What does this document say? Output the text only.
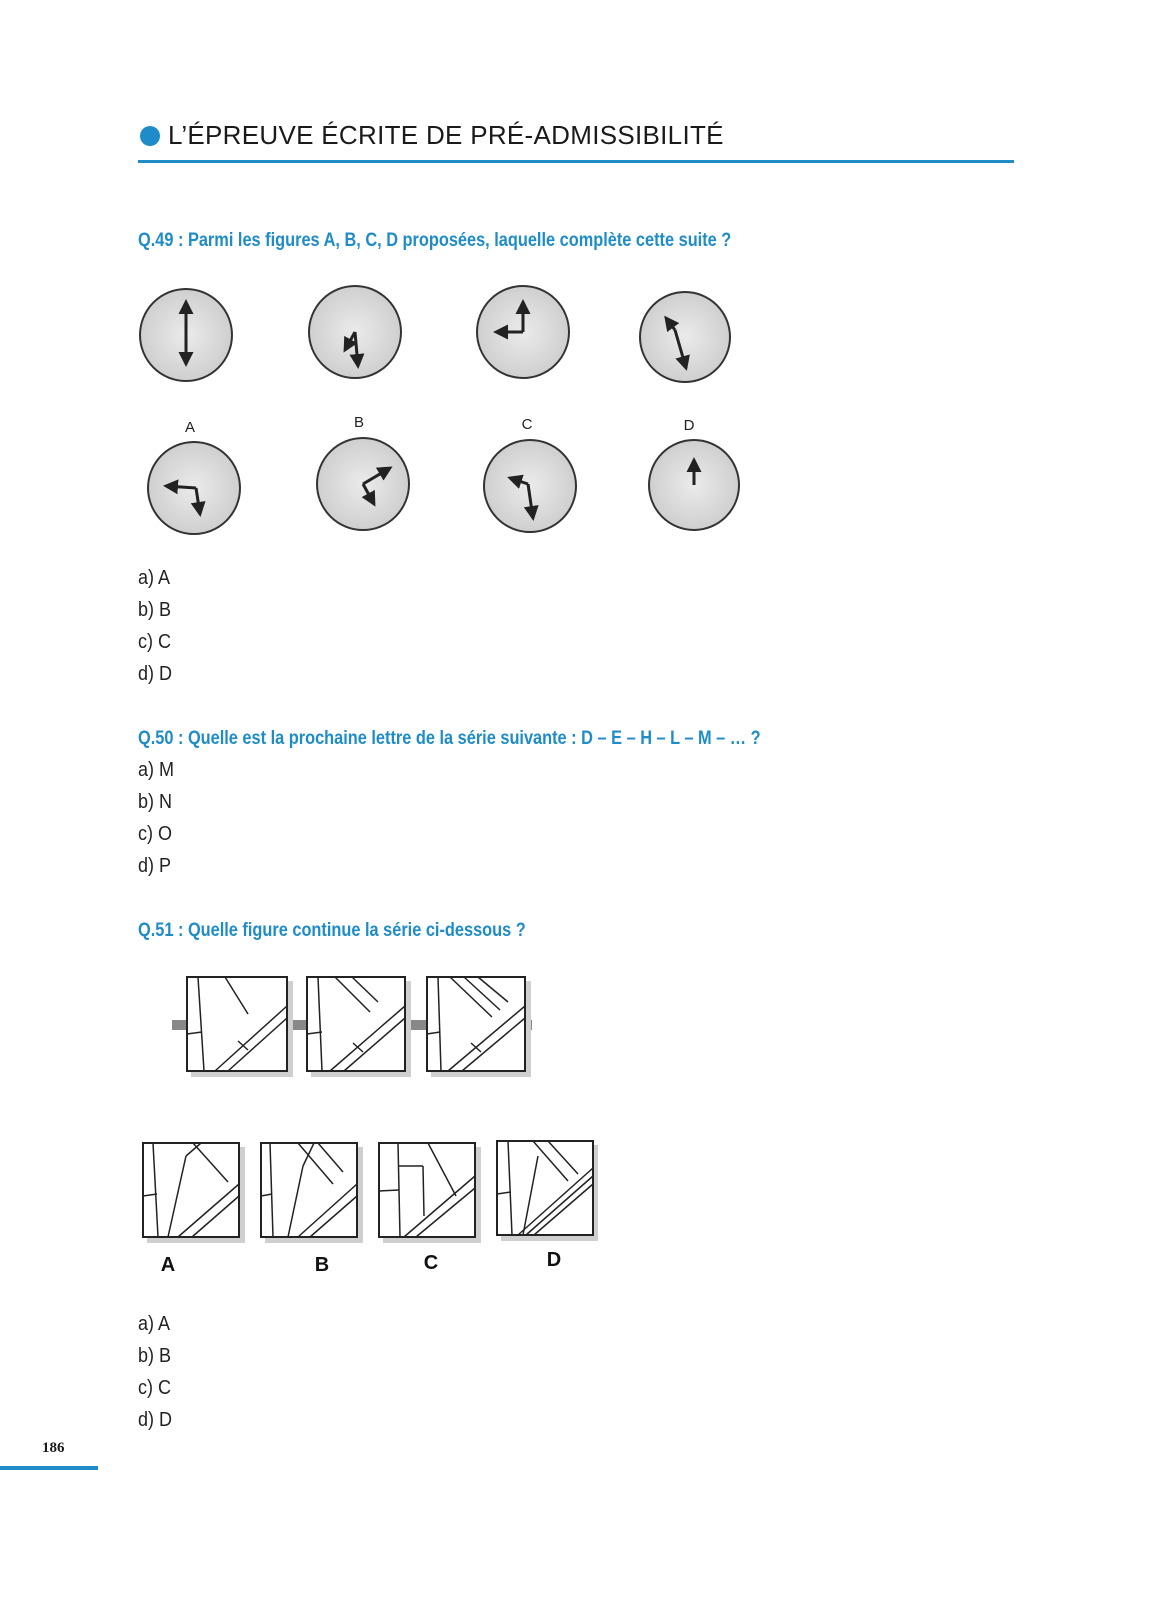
L’ÉPREUVE ÉCRITE DE PRÉ-ADMISSIBILITÉ
Q.49 : Parmi les figures A, B, C, D proposées, laquelle complète cette suite ?
A	B	C	D
a) A
b) B
c) C
d) D
Q.50 : Quelle est la prochaine lettre de la série suivante : D – E – H – L – M – … ?
a) M
b) N
c) O
d) P
Q.51 : Quelle figure continue la série ci-dessous ?
A	B	C	D
a) A
b) B
c) C
d) D
186
